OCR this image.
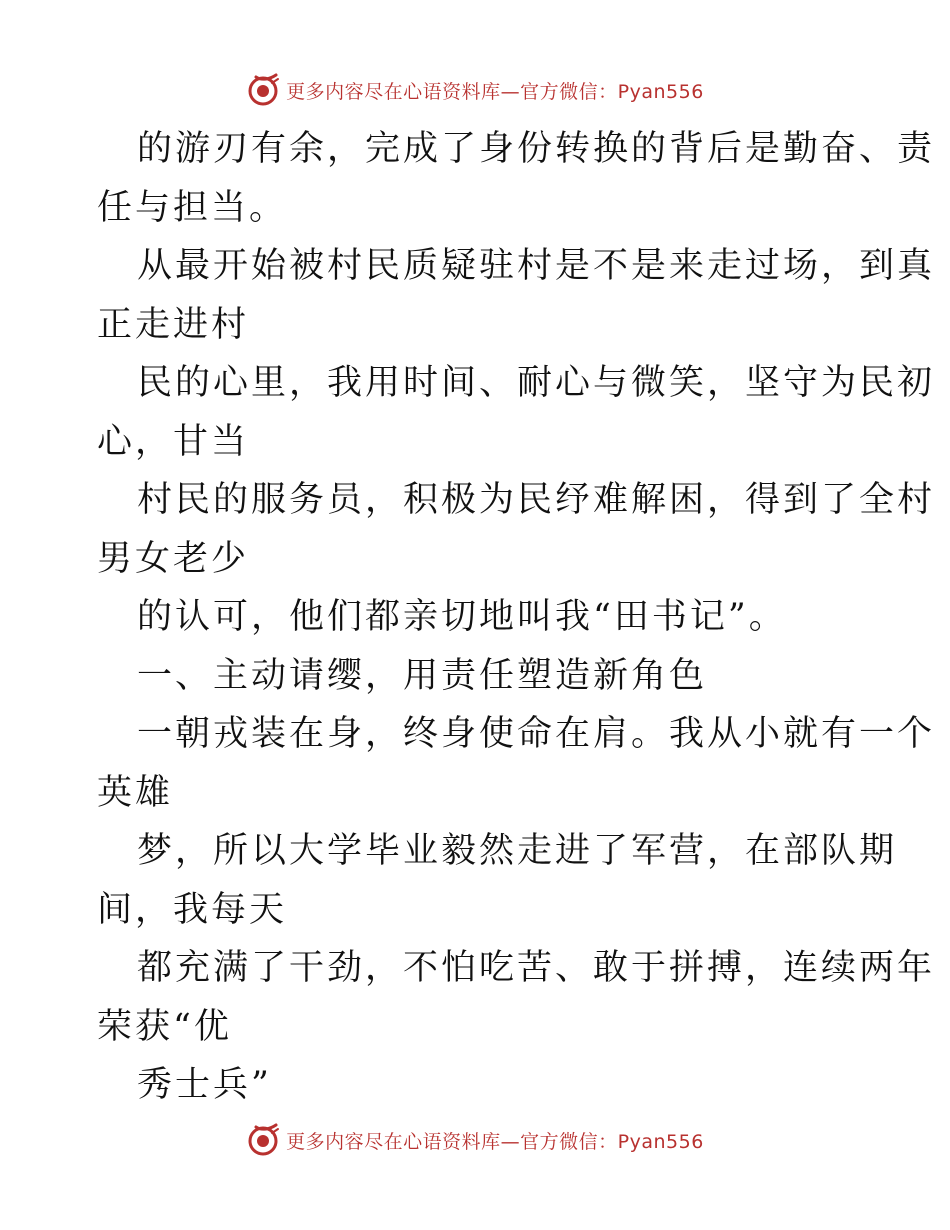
更多内容尽在心语资料库—官方微信：Pyan556
的游刃有余，完成了身份转换的背后是勤奋、责
任与担当。
从最开始被村民质疑驻村是不是来走过场，到真
正走进村
民的心里，我用时间、耐心与微笑，坚守为民初
心，甘当
村民的服务员，积极为民纾难解困，得到了全村
男女老少
的认可，他们都亲切地叫我“田书记”。
一、主动请缨，用责任塑造新角色
一朝戎装在身，终身使命在肩。我从小就有一个
英雄
梦，所以大学毕业毅然走进了军营，在部队期
间，我每天
都充满了干劲，不怕吃苦、敢于拼搏，连续两年
荣获“优
秀士兵”
更多内容尽在心语资料库—官方微信：Pyan556
